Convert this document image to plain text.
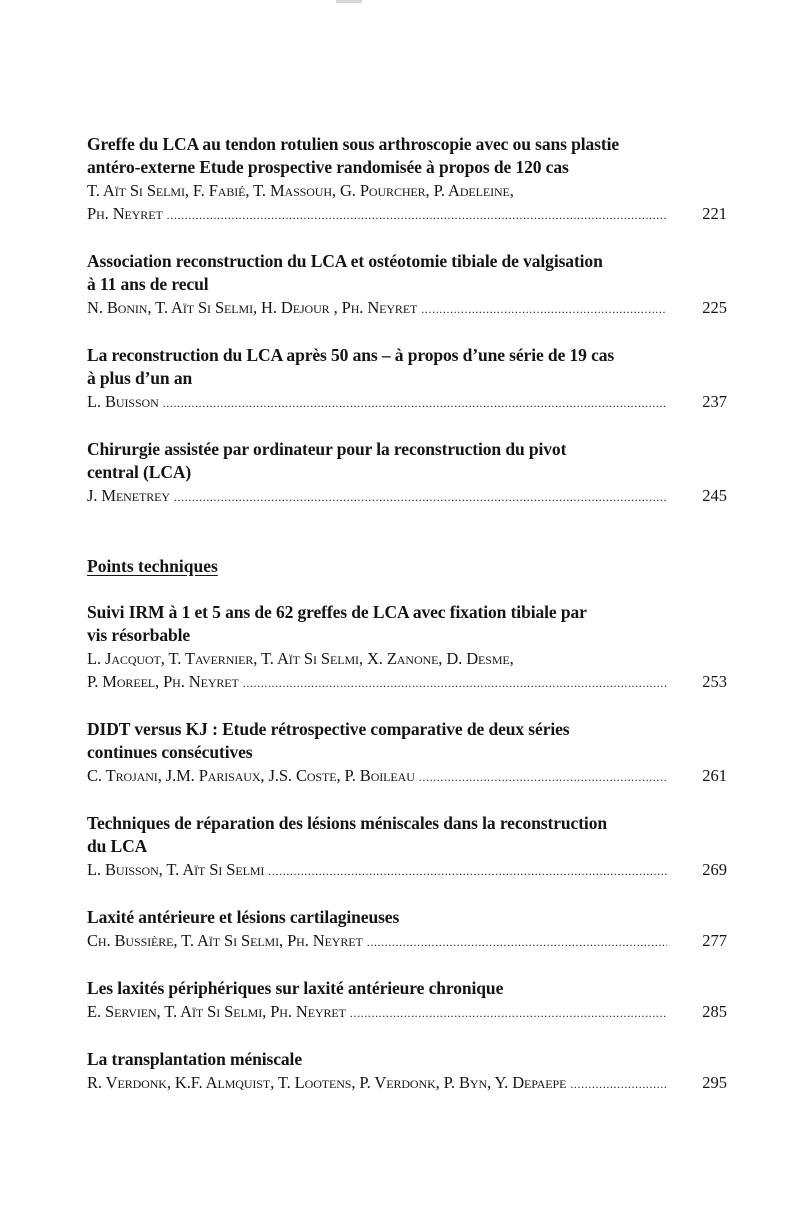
Greffe du LCA au tendon rotulien sous arthroscopie avec ou sans plastie
antéro-externe Etude prospective randomisée à propos de 120 cas
T. Aït Si Selmi, F. Fabié, T. Massouh, G. Pourcher, P. Adeleine,
Ph. Neyret .....	221
Association reconstruction du LCA et ostéotomie tibiale de valgisation
à 11 ans de recul
N. Bonin, T. Aït Si Selmi, H. Dejour , Ph. Neyret .....	225
La reconstruction du LCA après 50 ans – à propos d’une série de 19 cas
à plus d’un an
L. Buisson .....	237
Chirurgie assistée par ordinateur pour la reconstruction du pivot
central (LCA)
J. Menetrey .....	245
Points techniques
Suivi IRM à 1 et 5 ans de 62 greffes de LCA avec fixation tibiale par
vis résorbable
L. Jacquot, T. Tavernier, T. Aït Si Selmi, X. Zanone, D. Desme,
P. Moreel, Ph. Neyret .....	253
DIDT versus KJ : Etude rétrospective comparative de deux séries
continues consécutives
C. Trojani, J.M. Parisaux, J.S. Coste, P. Boileau .....	261
Techniques de réparation des lésions méniscales dans la reconstruction
du LCA
L. Buisson, T. Aït Si Selmi .....	269
Laxité antérieure et lésions cartilagineuses
Ch. Bussière, T. Aït Si Selmi, Ph. Neyret .....	277
Les laxités périphériques sur laxité antérieure chronique
E. Servien, T. Aït Si Selmi, Ph. Neyret .....	285
La transplantation méniscale
R. Verdonk, K.F. Almquist, T. Lootens, P. Verdonk, P. Byn, Y. Depaepe .....	295
